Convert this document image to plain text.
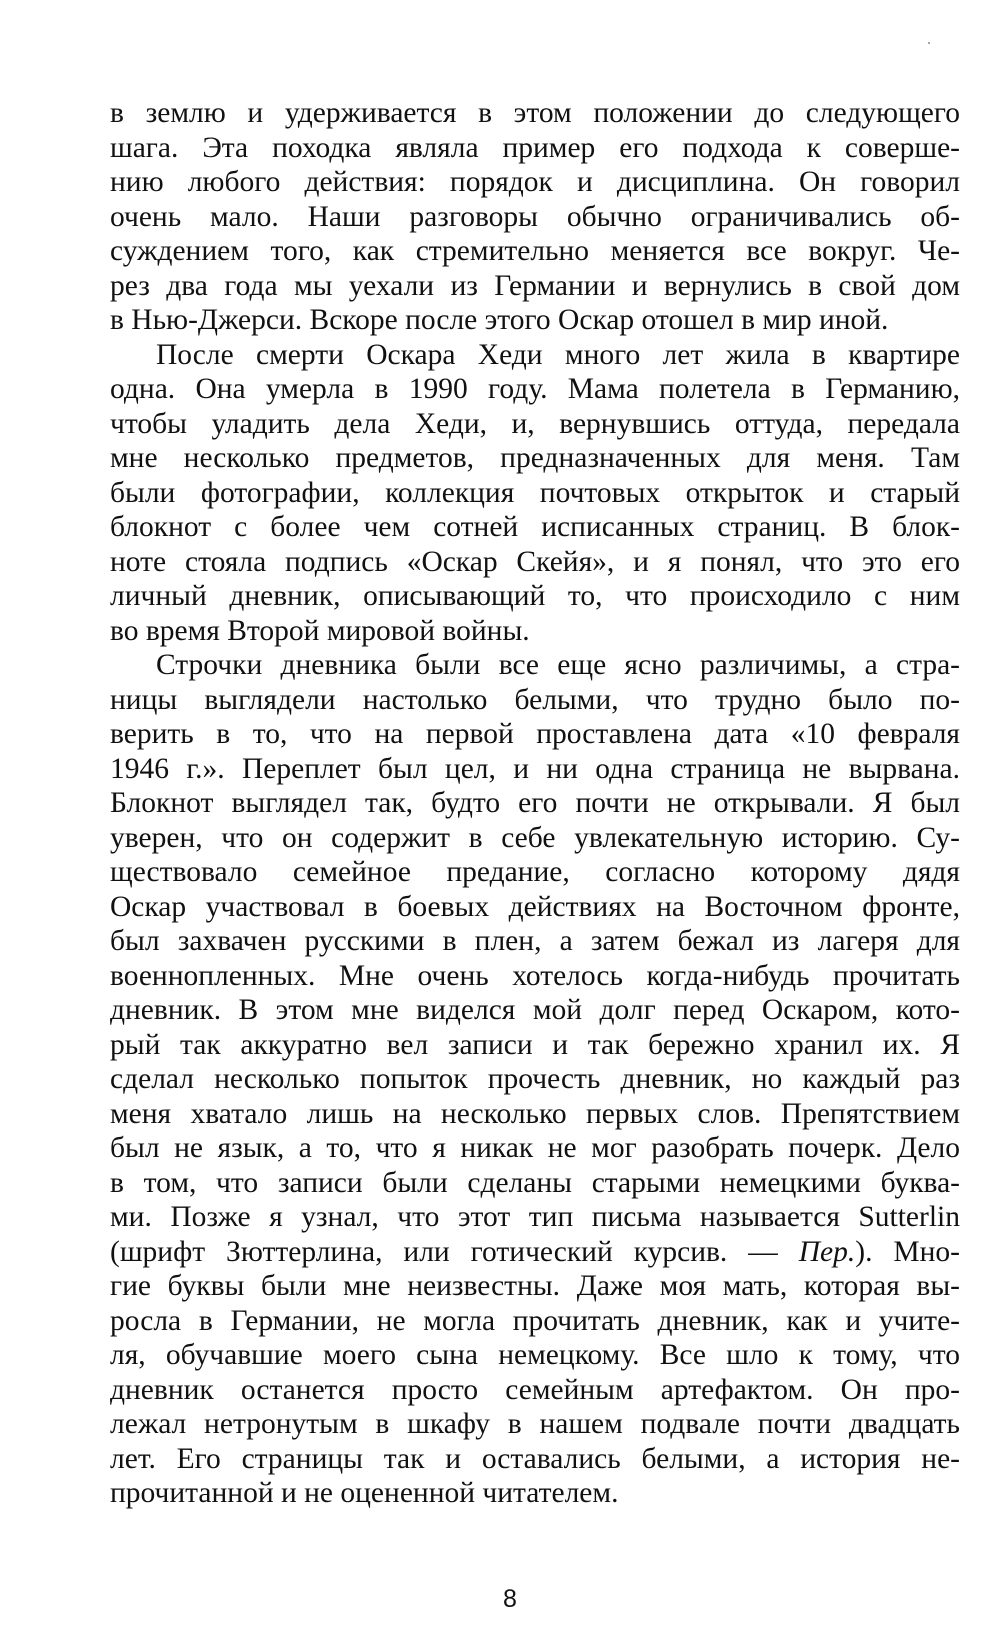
в землю и удерживается в этом положении до следующего
шага. Эта походка являла пример его подхода к соверше-
нию любого действия: порядок и дисциплина. Он говорил
очень мало. Наши разговоры обычно ограничивались об-
суждением того, как стремительно меняется все вокруг. Че-
рез два года мы уехали из Германии и вернулись в свой дом
в Нью-Джерси. Вскоре после этого Оскар отошел в мир иной.
После смерти Оскара Хеди много лет жила в квартире
одна. Она умерла в 1990 году. Мама полетела в Германию,
чтобы уладить дела Хеди, и, вернувшись оттуда, передала
мне несколько предметов, предназначенных для меня. Там
были фотографии, коллекция почтовых открыток и старый
блокнот с более чем сотней исписанных страниц. В блок-
ноте стояла подпись «Оскар Скейя», и я понял, что это его
личный дневник, описывающий то, что происходило с ним
во время Второй мировой войны.
Строчки дневника были все еще ясно различимы, а стра-
ницы выглядели настолько белыми, что трудно было по-
верить в то, что на первой проставлена дата «10 февраля
1946 г.». Переплет был цел, и ни одна страница не вырвана.
Блокнот выглядел так, будто его почти не открывали. Я был
уверен, что он содержит в себе увлекательную историю. Су-
ществовало семейное предание, согласно которому дядя
Оскар участвовал в боевых действиях на Восточном фронте,
был захвачен русскими в плен, а затем бежал из лагеря для
военнопленных. Мне очень хотелось когда-нибудь прочитать
дневник. В этом мне виделся мой долг перед Оскаром, кото-
рый так аккуратно вел записи и так бережно хранил их. Я
сделал несколько попыток прочесть дневник, но каждый раз
меня хватало лишь на несколько первых слов. Препятствием
был не язык, а то, что я никак не мог разобрать почерк. Дело
в том, что записи были сделаны старыми немецкими буква-
ми. Позже я узнал, что этот тип письма называется Sutterlin
(шрифт Зюттерлина, или готический курсив. — Пер.). Мно-
гие буквы были мне неизвестны. Даже моя мать, которая вы-
росла в Германии, не могла прочитать дневник, как и учите-
ля, обучавшие моего сына немецкому. Все шло к тому, что
дневник останется просто семейным артефактом. Он про-
лежал нетронутым в шкафу в нашем подвале почти двадцать
лет. Его страницы так и оставались белыми, а история не-
прочитанной и не оцененной читателем.
8
